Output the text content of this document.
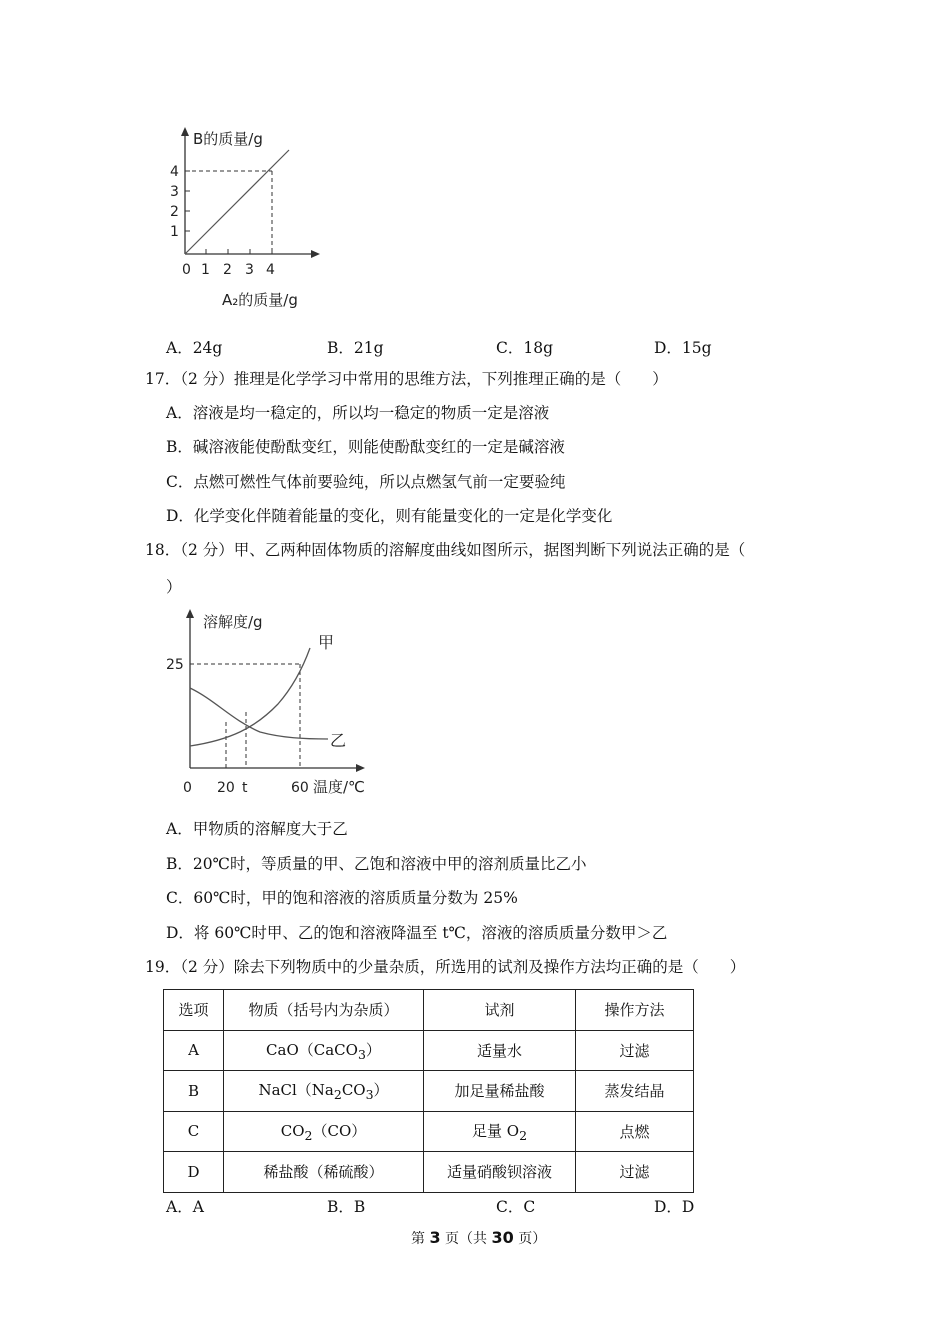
B的质量/g
1
2
3
4
0 1 2 3 4
A₂的质量/g
A．24g	B．21g	C．18g	D．15g
17．（2 分）推理是化学学习中常用的思维方法，下列推理正确的是（　　）
A．溶液是均一稳定的，所以均一稳定的物质一定是溶液
B．碱溶液能使酚酞变红，则能使酚酞变红的一定是碱溶液
C．点燃可燃性气体前要验纯，所以点燃氢气前一定要验纯
D．化学变化伴随着能量的变化，则有能量变化的一定是化学变化
18．（2 分）甲、乙两种固体物质的溶解度曲线如图所示，据图判断下列说法正确的是（
）
溶解度/g
甲
乙
25
0 20 t	60 温度/℃
A．甲物质的溶解度大于乙
B．20℃时，等质量的甲、乙饱和溶液中甲的溶剂质量比乙小
C．60℃时，甲的饱和溶液的溶质质量分数为 25%
D．将 60℃时甲、乙的饱和溶液降温至 t℃，溶液的溶质质量分数甲＞乙
19．（2 分）除去下列物质中的少量杂质，所选用的试剂及操作方法均正确的是（　　）
选项	物质（括号内为杂质）	试剂	操作方法
A	CaO（CaCO$_3$）	适量水	过滤
B	$NaCl(Na_2CO_3)$	加足量稀盐酸	蒸发结晶
C	$CO_2(CO)$	足量 $O_2$	点燃
D	稀盐酸（稀硫酸）	适量硝酸钡溶液	过滤
A．A	B．B	C．C	D．D
第 3 页（共 30 页）
